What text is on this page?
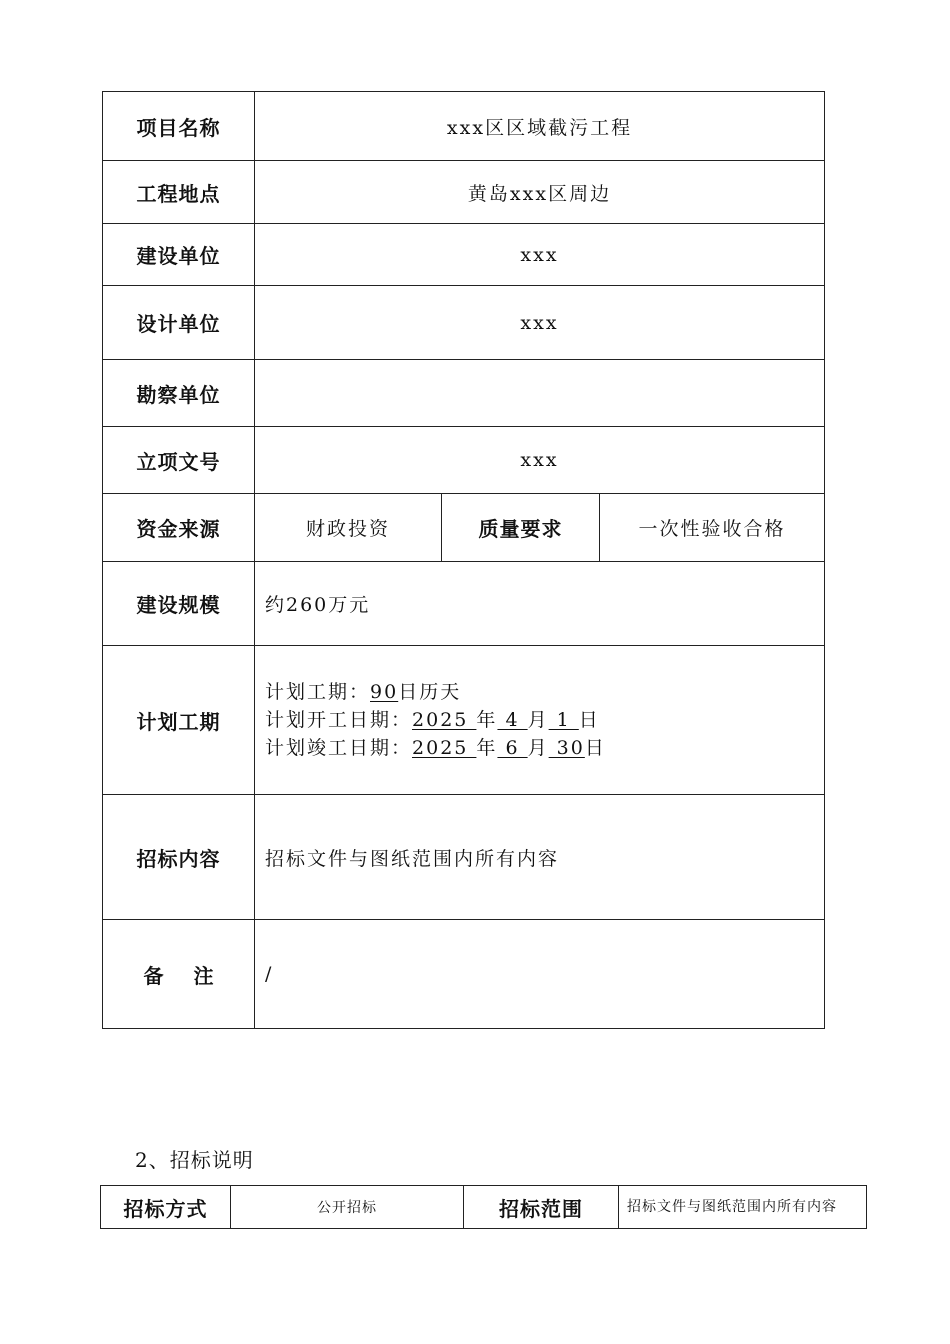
项目名称	xxx区区域截污工程		
工程地点	黄岛xxx区周边		
建设单位	xxx		
设计单位	xxx		
勘察单位			
立项文号	xxx		
资金来源	财政投资	质量要求	一次性验收合格
建设规模	约260万元		
计划工期	计划工期：90日历天
计划开工日期：2025 年 4 月 1 日
计划竣工日期：2025 年 6 月 30日		

招标内容	招标文件与图纸范围内所有内容		
备注	/		
2、招标说明
招标方式	公开招标	招标范围	招标文件与图纸范围内所有内容
